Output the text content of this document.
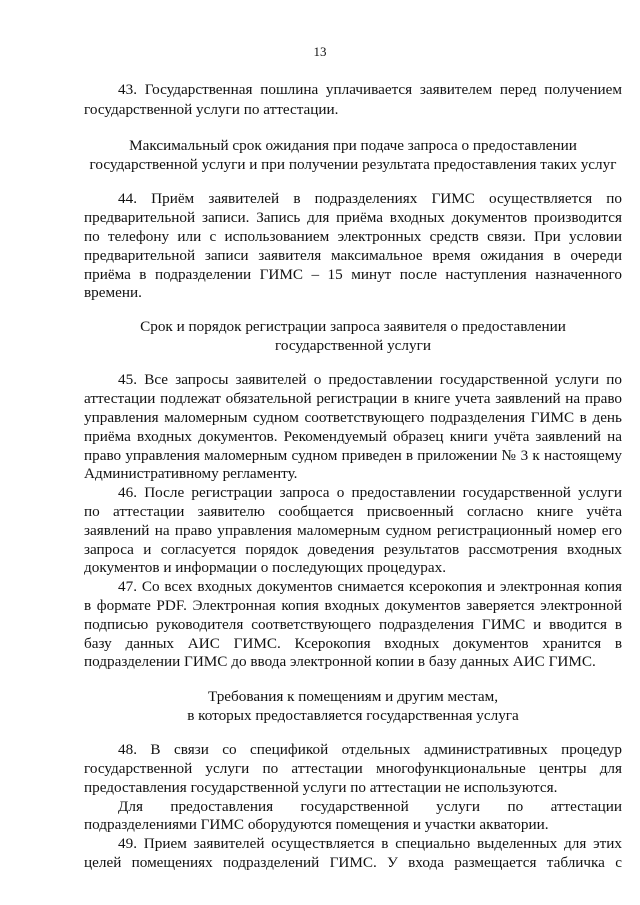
13
43. Государственная пошлина уплачивается заявителем перед получением
государственной услуги по аттестации.
Максимальный срок ожидания при подаче запроса о предоставлении
государственной услуги и при получении результата предоставления таких услуг
44. Приём заявителей в подразделениях ГИМС осуществляется по
предварительной записи. Запись для приёма входных документов производится
по телефону или с использованием электронных средств связи. При условии
предварительной записи заявителя максимальное время ожидания в очереди
приёма в подразделении ГИМС – 15 минут после наступления назначенного
времени.
Срок и порядок регистрации запроса заявителя о предоставлении
государственной услуги
45. Все запросы заявителей о предоставлении государственной услуги по
аттестации подлежат обязательной регистрации в книге учета заявлений на право
управления маломерным судном соответствующего подразделения ГИМС в день
приёма входных документов. Рекомендуемый образец книги учёта заявлений на
право управления маломерным судном приведен в приложении № 3 к настоящему
Административному регламенту.
46. После регистрации запроса о предоставлении государственной услуги
по аттестации заявителю сообщается присвоенный согласно книге учёта
заявлений на право управления маломерным судном регистрационный номер его
запроса и согласуется порядок доведения результатов рассмотрения входных
документов и информации о последующих процедурах.
47. Со всех входных документов снимается ксерокопия и электронная копия
в формате PDF. Электронная копия входных документов заверяется электронной
подписью руководителя соответствующего подразделения ГИМС и вводится в
базу данных АИС ГИМС. Ксерокопия входных документов хранится в
подразделении ГИМС до ввода электронной копии в базу данных АИС ГИМС.
Требования к помещениям и другим местам,
в которых предоставляется государственная услуга
48. В связи со спецификой отдельных административных процедур
государственной услуги по аттестации многофункциональные центры для
предоставления государственной услуги по аттестации не используются.
Для предоставления государственной услуги по аттестации
подразделениями ГИМС оборудуются помещения и участки акватории.
49. Прием заявителей осуществляется в специально выделенных для этих
целей помещениях подразделений ГИМС. У входа размещается табличка с
